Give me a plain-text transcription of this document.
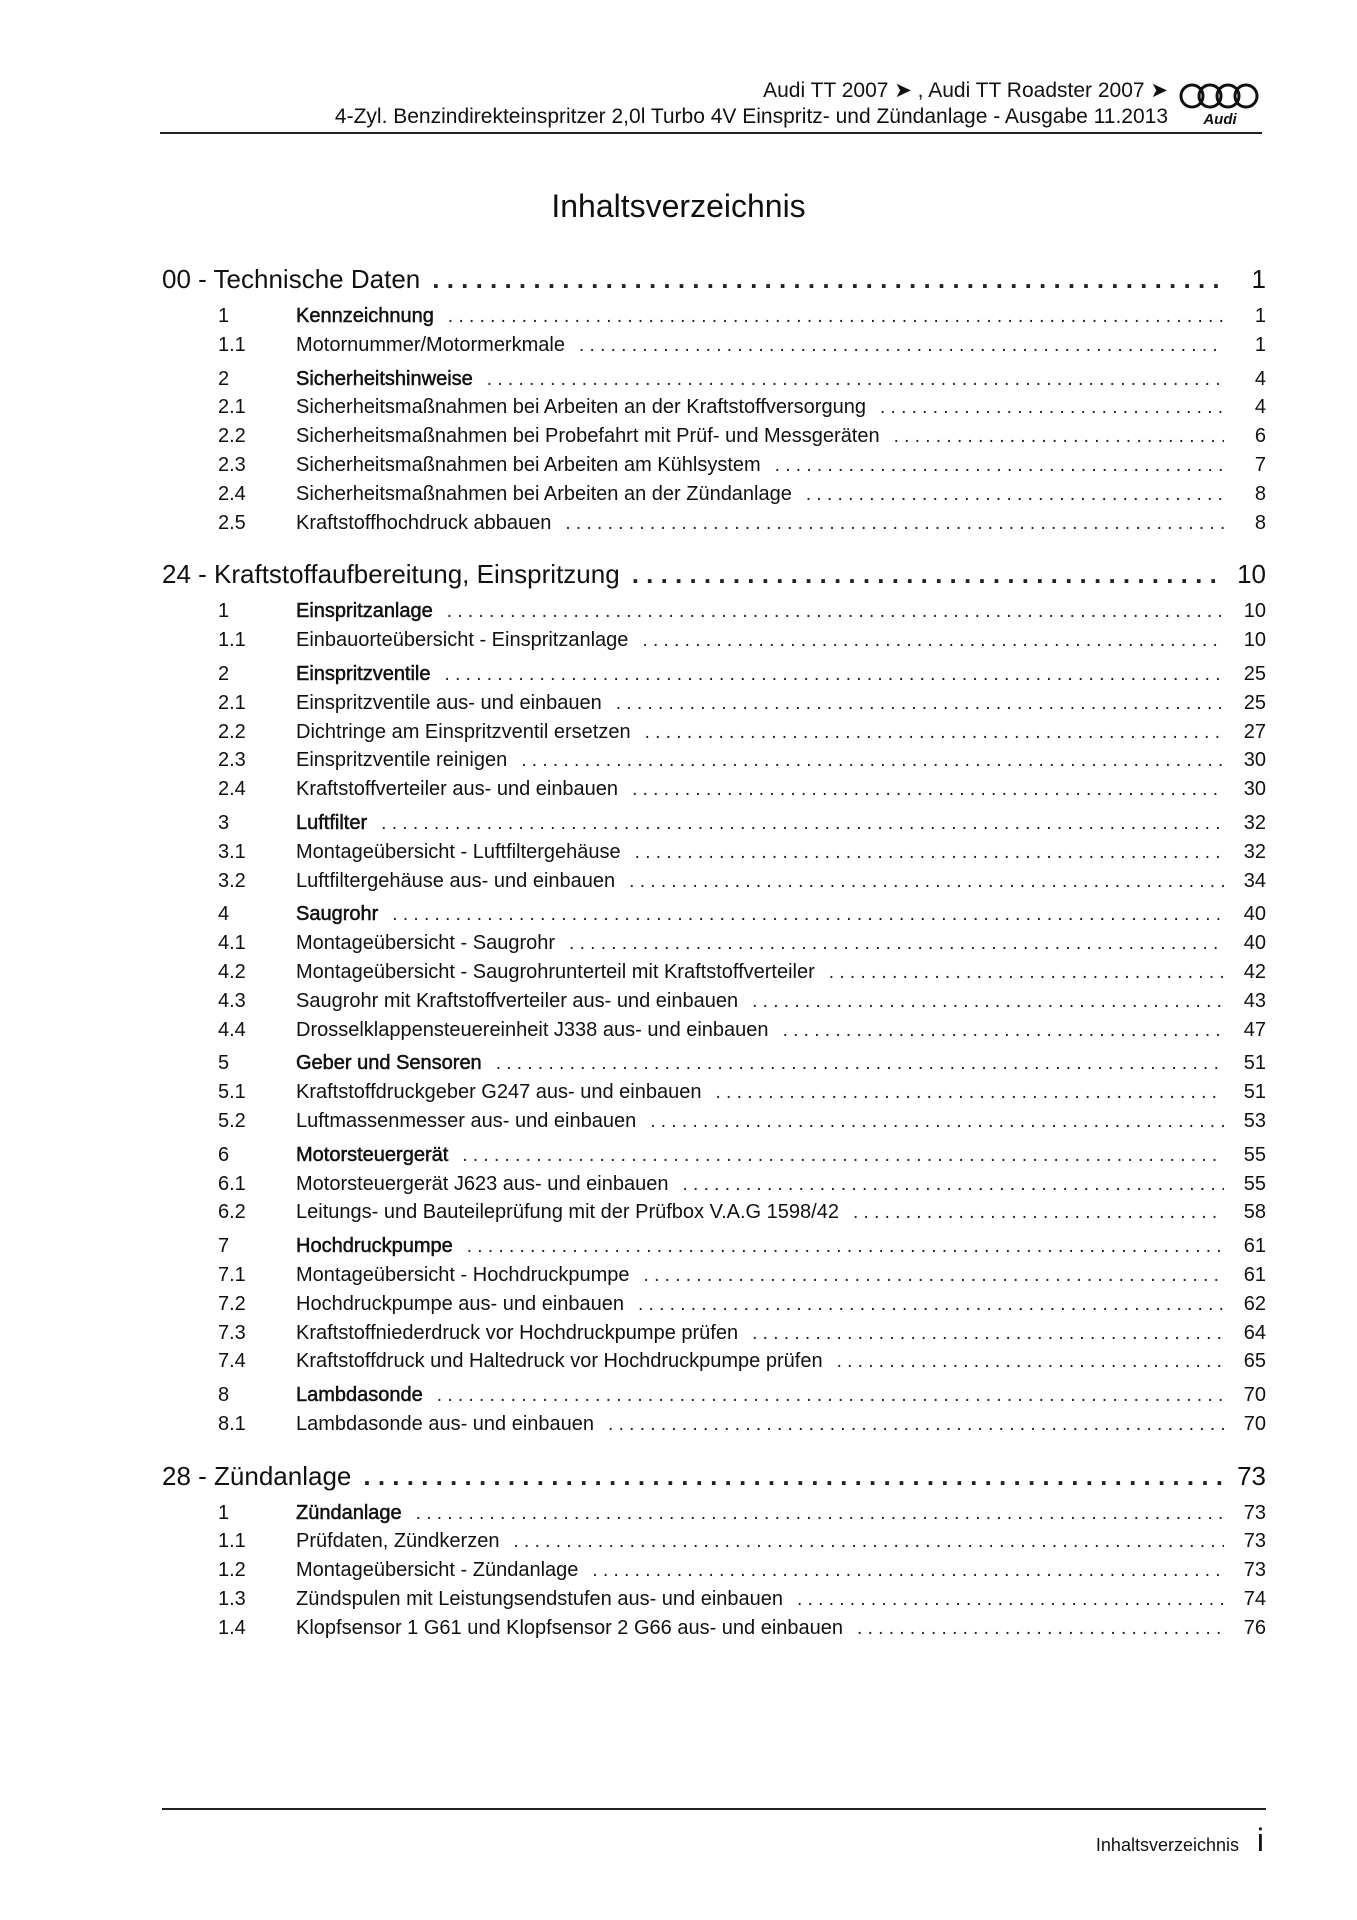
Audi TT 2007 ➤ , Audi TT Roadster 2007 ➤
4-Zyl. Benzindirekteinspritzer 2,0l Turbo 4V Einspritz- und Zündanlage - Ausgabe 11.2013 Audi
Inhaltsverzeichnis
00 - Technische Daten . . .	1
1	Kennzeichnung . . .	1
1.1	Motornummer/Motormerkmale . . .	1
2	Sicherheitshinweise . . .	4
2.1	Sicherheitsmaßnahmen bei Arbeiten an der Kraftstoffversorgung . . .	4
2.2	Sicherheitsmaßnahmen bei Probefahrt mit Prüf- und Messgeräten . . .	6
2.3	Sicherheitsmaßnahmen bei Arbeiten am Kühlsystem . . .	7
2.4	Sicherheitsmaßnahmen bei Arbeiten an der Zündanlage . . .	8
2.5	Kraftstoffhochdruck abbauen . . .	8
24 - Kraftstoffaufbereitung, Einspritzung . . .	10
1	Einspritzanlage . . .	10
1.1	Einbauorteübersicht - Einspritzanlage . . .	10
2	Einspritzventile . . .	25
2.1	Einspritzventile aus- und einbauen . . .	25
2.2	Dichtringe am Einspritzventil ersetzen . . .	27
2.3	Einspritzventile reinigen . . .	30
2.4	Kraftstoffverteiler aus- und einbauen . . .	30
3	Luftfilter . . .	32
3.1	Montageübersicht - Luftfiltergehäuse . . .	32
3.2	Luftfiltergehäuse aus- und einbauen . . .	34
4	Saugrohr . . .	40
4.1	Montageübersicht - Saugrohr . . .	40
4.2	Montageübersicht - Saugrohrunterteil mit Kraftstoffverteiler . . .	42
4.3	Saugrohr mit Kraftstoffverteiler aus- und einbauen . . .	43
4.4	Drosselklappensteuereinheit J338 aus- und einbauen . . .	47
5	Geber und Sensoren . . .	51
5.1	Kraftstoffdruckgeber G247 aus- und einbauen . . .	51
5.2	Luftmassenmesser aus- und einbauen . . .	53
6	Motorsteuergerät . . .	55
6.1	Motorsteuergerät J623 aus- und einbauen . . .	55
6.2	Leitungs- und Bauteileprüfung mit der Prüfbox V.A.G 1598/42 . . .	58
7	Hochdruckpumpe . . .	61
7.1	Montageübersicht - Hochdruckpumpe . . .	61
7.2	Hochdruckpumpe aus- und einbauen . . .	62
7.3	Kraftstoffniederdruck vor Hochdruckpumpe prüfen . . .	64
7.4	Kraftstoffdruck und Haltedruck vor Hochdruckpumpe prüfen . . .	65
8	Lambdasonde . . .	70
8.1	Lambdasonde aus- und einbauen . . .	70
28 - Zündanlage . . .	73
1	Zündanlage . . .	73
1.1	Prüfdaten, Zündkerzen . . .	73
1.2	Montageübersicht - Zündanlage . . .	73
1.3	Zündspulen mit Leistungsendstufen aus- und einbauen . . .	74
1.4	Klopfsensor 1 G61 und Klopfsensor 2 G66 aus- und einbauen . . .	76
Inhaltsverzeichnis i
